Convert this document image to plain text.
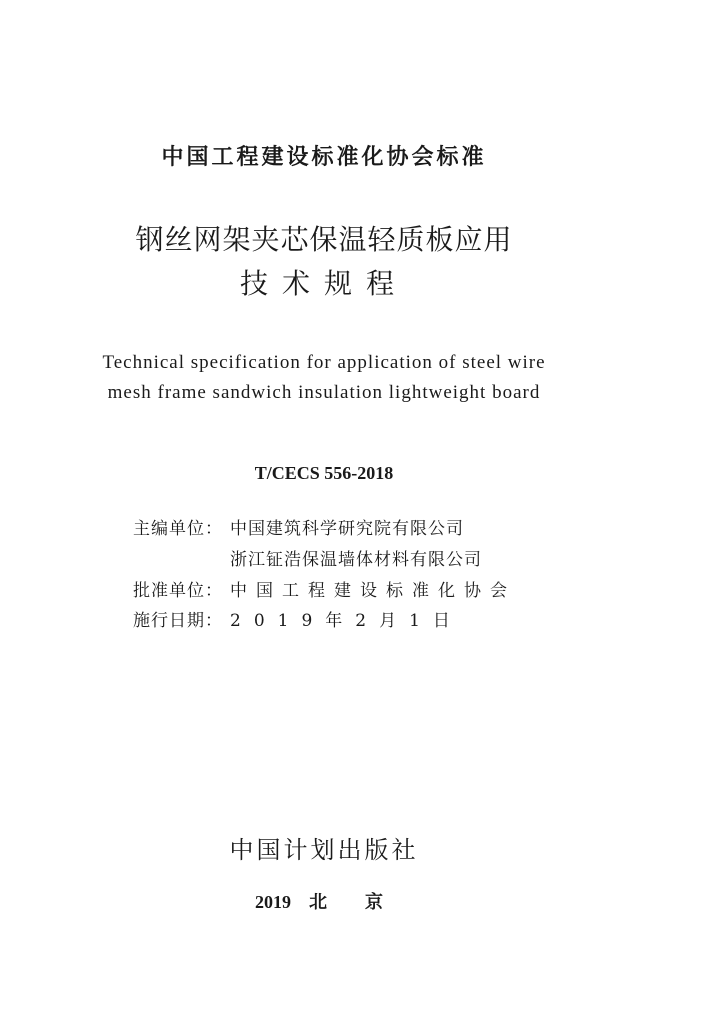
中国工程建设标准化协会标准
钢丝网架夹芯保温轻质板应用
技术规程
Technical specification for application of steel wire
mesh frame sandwich insulation lightweight board
T/CECS 556-2018
主编单位： 中国建筑科学研究院有限公司
浙江钲浩保温墙体材料有限公司
批准单位： 中国工程建设标准化协会
施行日期： 2019年2月1日
中国计划出版社
2019 北京
